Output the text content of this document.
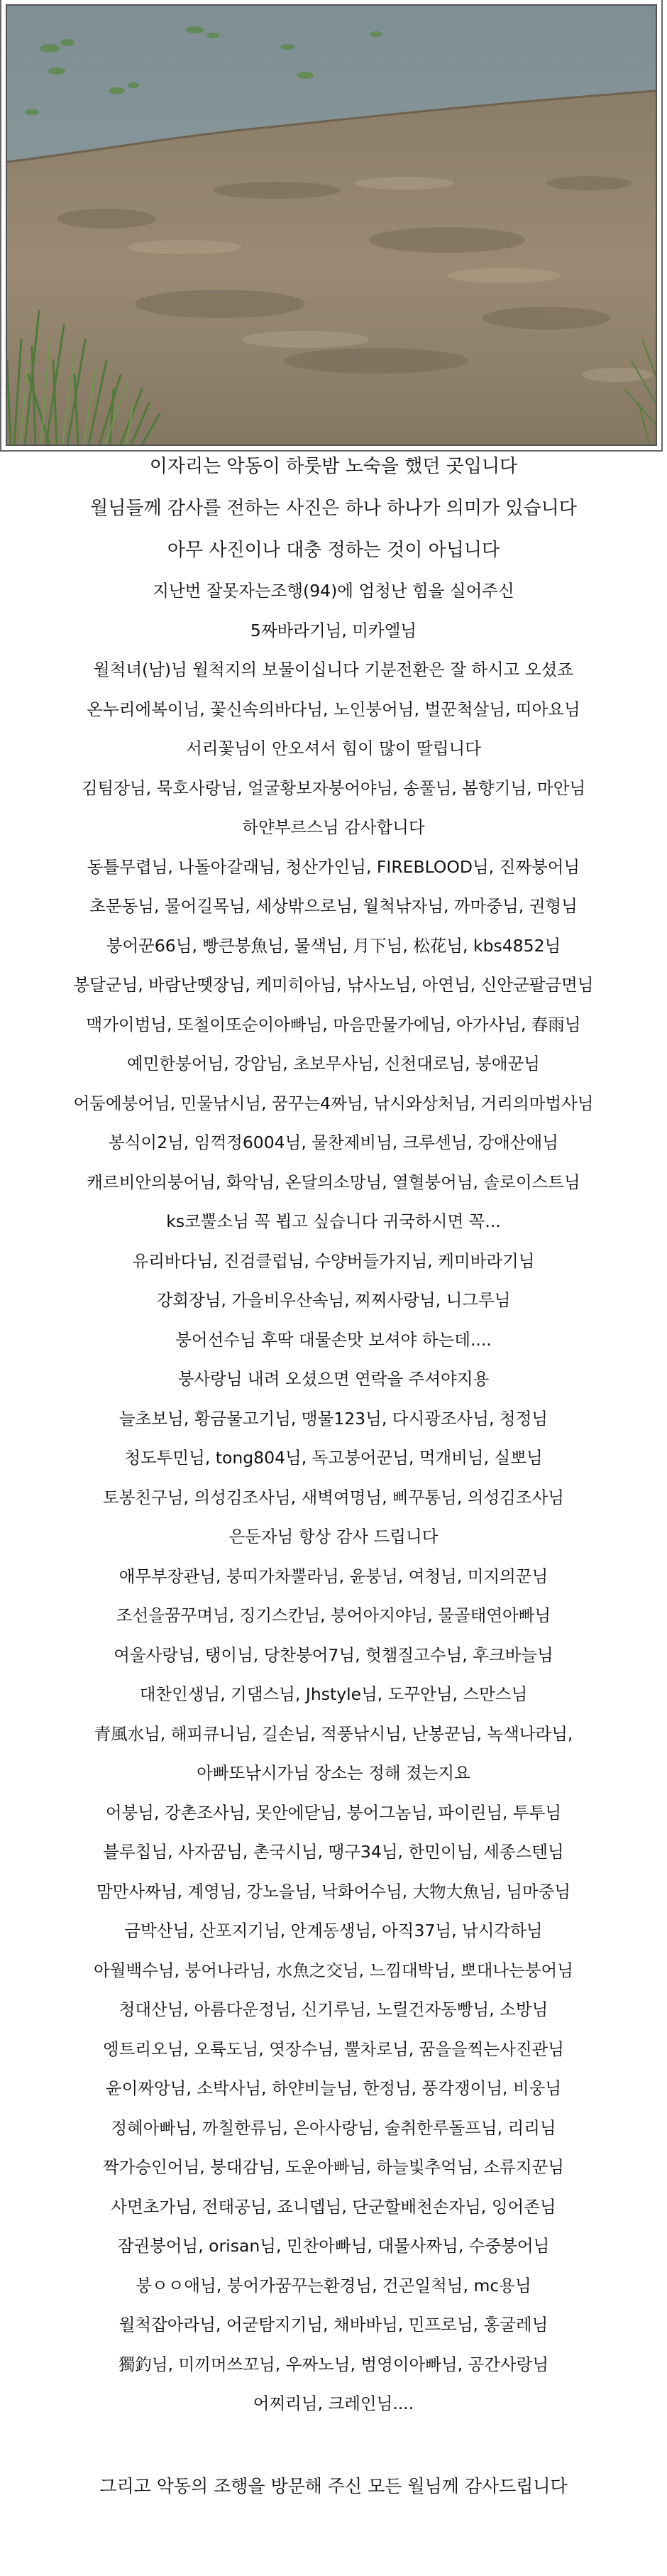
이자리는 악동이 하룻밤 노숙을 했던 곳입니다
월님들께 감사를 전하는 사진은 하나 하나가 의미가 있습니다
아무 사진이나 대충 정하는 것이 아닙니다
지난번 잘못자는조행(94)에 엄청난 힘을 실어주신
5짜바라기님, 미카엘님
월척녀(남)님 월척지의 보물이십니다 기분전환은 잘 하시고 오셨죠
온누리에복이님, 꽃신속의바다님, 노인붕어님, 벌꾼척살님, 띠아요님
서리꽃님이 안오셔서 힘이 많이 딸립니다
김팀장님, 묵호사랑님, 얼굴황보자붕어야님, 송풀님, 봄향기님, 마안님
하얀부르스님 감사합니다
동틀무렵님, 나돌아갈래님, 청산가인님, FIREBLOOD님, 진짜붕어님
초문동님, 물어길목님, 세상밖으로님, 월척낚자님, 까마중님, 권형님
붕어꾼66님, 빵큰붕魚님, 물색님, 月下님, 松花님, kbs4852님
봉달군님, 바람난뗏장님, 케미히아님, 낚사노님, 아연님, 신안군팔금면님
맥가이범님, 또철이또순이아빠님, 마음만물가에님, 아가사님, 春雨님
예민한붕어님, 강암님, 초보무사님, 신천대로님, 붕애꾼님
어둠에붕어님, 민물낚시님, 꿈꾸는4짜님, 낚시와상처님, 거리의마법사님
봉식이2님, 임꺽정6004님, 물찬제비님, 크루센님, 강애산애님
캐르비안의붕어님, 화악님, 온달의소망님, 열혈붕어님, 솔로이스트님
ks코뿔소님 꼭 뵙고 싶습니다 귀국하시면 꼭...
유리바다님, 진검클럽님, 수양버들가지님, 케미바라기님
강회장님, 가을비우산속님, 찌찌사랑님, 니그루님
붕어선수님 후딱 대물손맛 보셔야 하는데....
붕사랑님 내려 오셨으면 연락을 주셔야지용
늘초보님, 황금물고기님, 맹물123님, 다시광조사님, 청정님
청도투민님, tong804님, 독고붕어꾼님, 먹개비님, 실뽀님
토봉친구님, 의성김조사님, 새벽여명님, 삐꾸통님, 의성김조사님
은둔자님 항상 감사 드립니다
애무부장관님, 붕띠가차뿔라님, 윤붕님, 여청님, 미지의꾼님
조선을꿈꾸며님, 징기스칸님, 붕어아지야님, 물골태연아빠님
여울사랑님, 탱이님, 당찬붕어7님, 헛챔질고수님, 후크바늘님
대찬인생님, 기댐스님, Jhstyle님, 도꾸안님, 스만스님
青風水님, 해피큐니님, 길손님, 적풍낚시님, 난봉꾼님, 녹색나라님,
아빠또낚시가님 장소는 정해 졌는지요
어붕님, 강촌조사님, 못안에닫님, 붕어그놈님, 파이린님, 투투님
블루칩님, 사자꿈님, 촌국시님, 땡구34님, 한민이님, 세종스텐님
맘만사짜님, 계영님, 강노을님, 낙화어수님, 大物大魚님, 님마중님
금박산님, 산포지기님, 안계동생님, 아직37님, 낚시각하님
아월백수님, 붕어나라님, 水魚之交님, 느낌대박님, 뽀대나는붕어님
청대산님, 아름다운정님, 신기루님, 노릴건자동빵님, 소방님
엥트리오님, 오륙도님, 엿장수님, 뿔차로님, 꿈을을찍는사진관님
윤이짜앙님, 소박사님, 하얀비늘님, 한정님, 풍각쟁이님, 비웅님
정혜아빠님, 까칠한류님, 은아사랑님, 술취한루돌프님, 리리님
짝가승인어님, 붕대감님, 도운아빠님, 하늘빛추억님, 소류지꾼님
사면초가님, 전태공님, 죠니뎁님, 단군할배천손자님, 잉어존님
잠권붕어님, orisan님, 민찬아빠님, 대물사짜님, 수중붕어님
붕ㅇㅇ애님, 붕어가꿈꾸는환경님, 건곤일척님, mc용님
월척잡아라님, 어굳탐지기님, 채바바님, 민프로님, 홍굴레님
獨釣님, 미끼머쓰꼬님, 우짜노님, 범영이아빠님, 공간사랑님
어찌리님, 크레인님....
그리고 악동의 조행을 방문해 주신 모든 월님께 감사드립니다
